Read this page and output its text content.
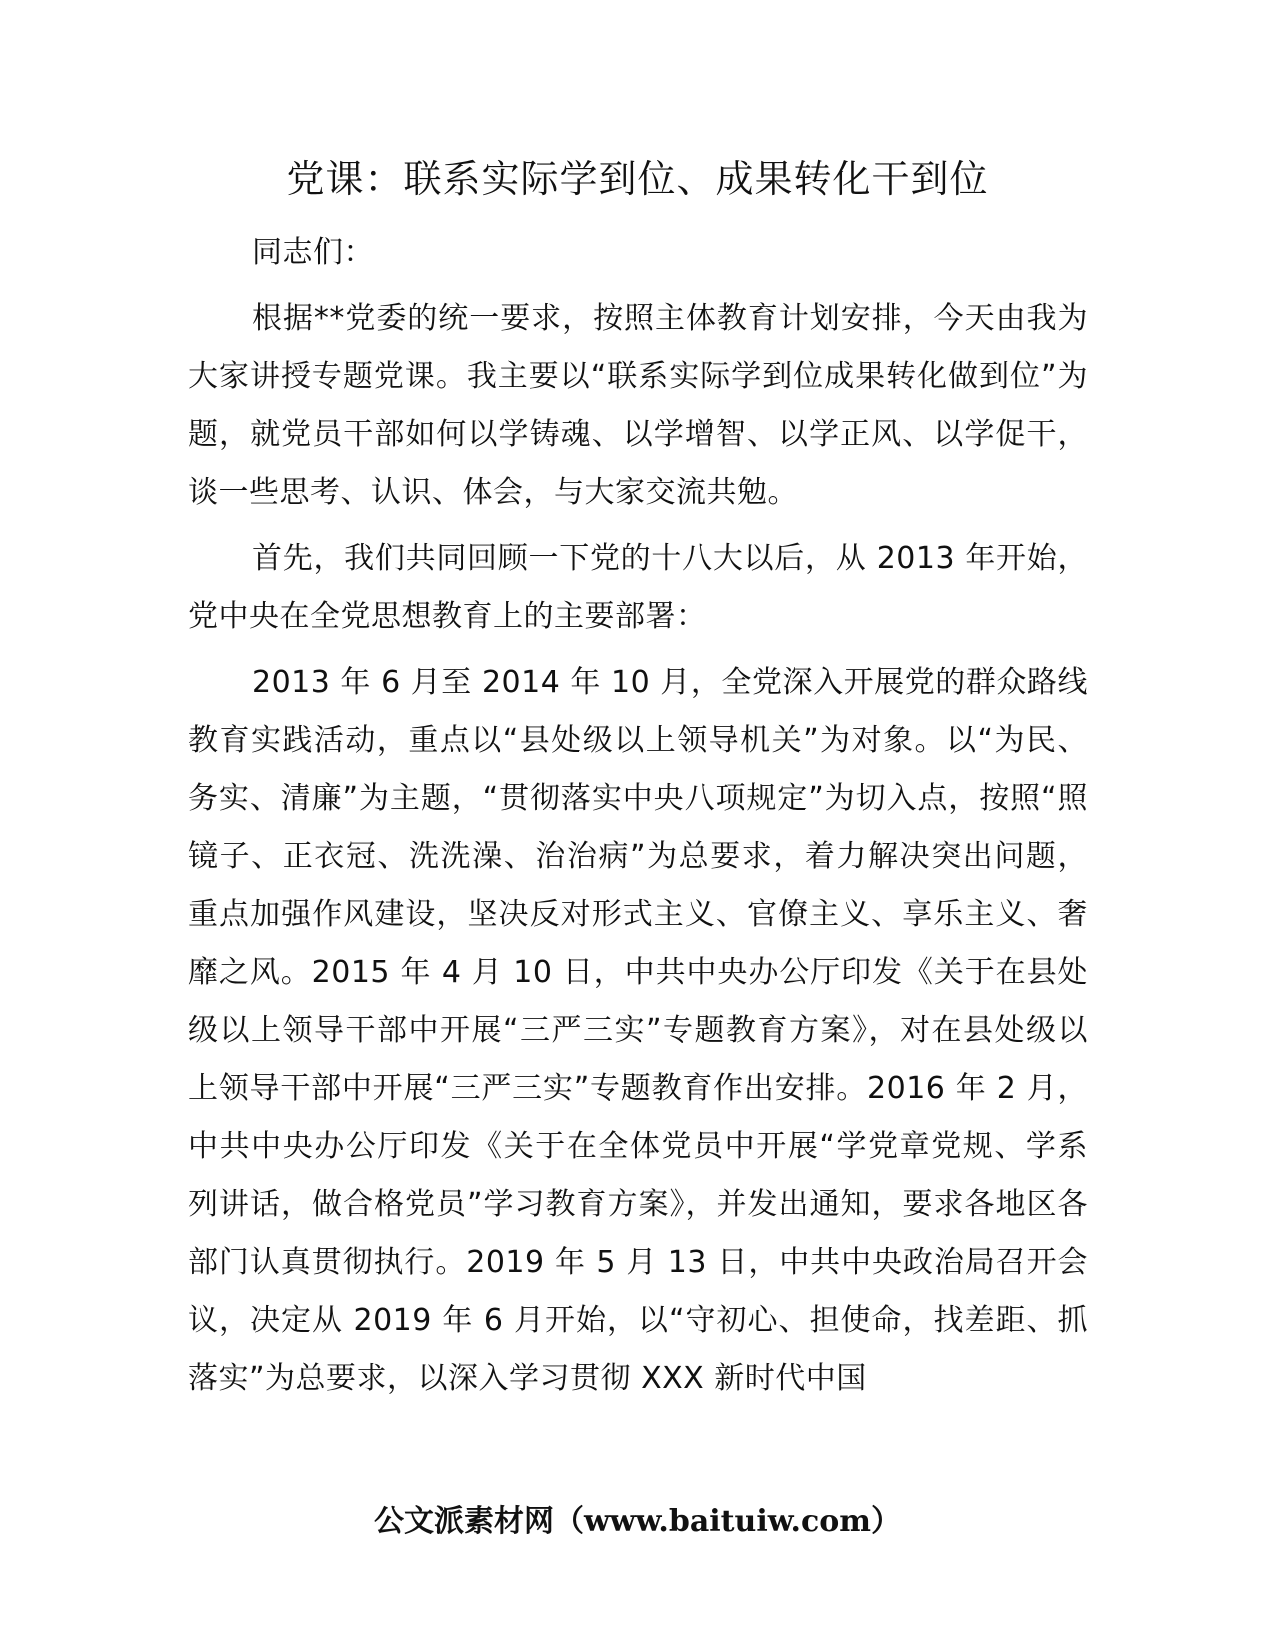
党课：联系实际学到位、成果转化干到位

同志们：

根据**党委的统一要求，按照主体教育计划安排，今天由我为大家讲授专题党课。我主要以“联系实际学到位成果转化做到位”为题，就党员干部如何以学铸魂、以学增智、以学正风、以学促干，谈一些思考、认识、体会，与大家交流共勉。

首先，我们共同回顾一下党的十八大以后，从 2013 年开始，党中央在全党思想教育上的主要部署：

2013 年 6 月至 2014 年 10 月，全党深入开展党的群众路线教育实践活动，重点以“县处级以上领导机关”为对象。以“为民、务实、清廉”为主题，“贯彻落实中央八项规定”为切入点，按照“照镜子、正衣冠、洗洗澡、治治病”为总要求，着力解决突出问题，重点加强作风建设，坚决反对形式主义、官僚主义、享乐主义、奢靡之风。2015 年 4 月 10 日，中共中央办公厅印发《关于在县处级以上领导干部中开展“三严三实”专题教育方案》，对在县处级以上领导干部中开展“三严三实”专题教育作出安排。2016 年 2 月，中共中央办公厅印发《关于在全体党员中开展“学党章党规、学系列讲话，做合格党员”学习教育方案》，并发出通知，要求各地区各部门认真贯彻执行。2019 年 5 月 13 日，中共中央政治局召开会议，决定从 2019 年 6 月开始，以“守初心、担使命，找差距、抓落实”为总要求，以深入学习贯彻 XXX 新时代中国

公文派素材网（www.baituiw.com）
